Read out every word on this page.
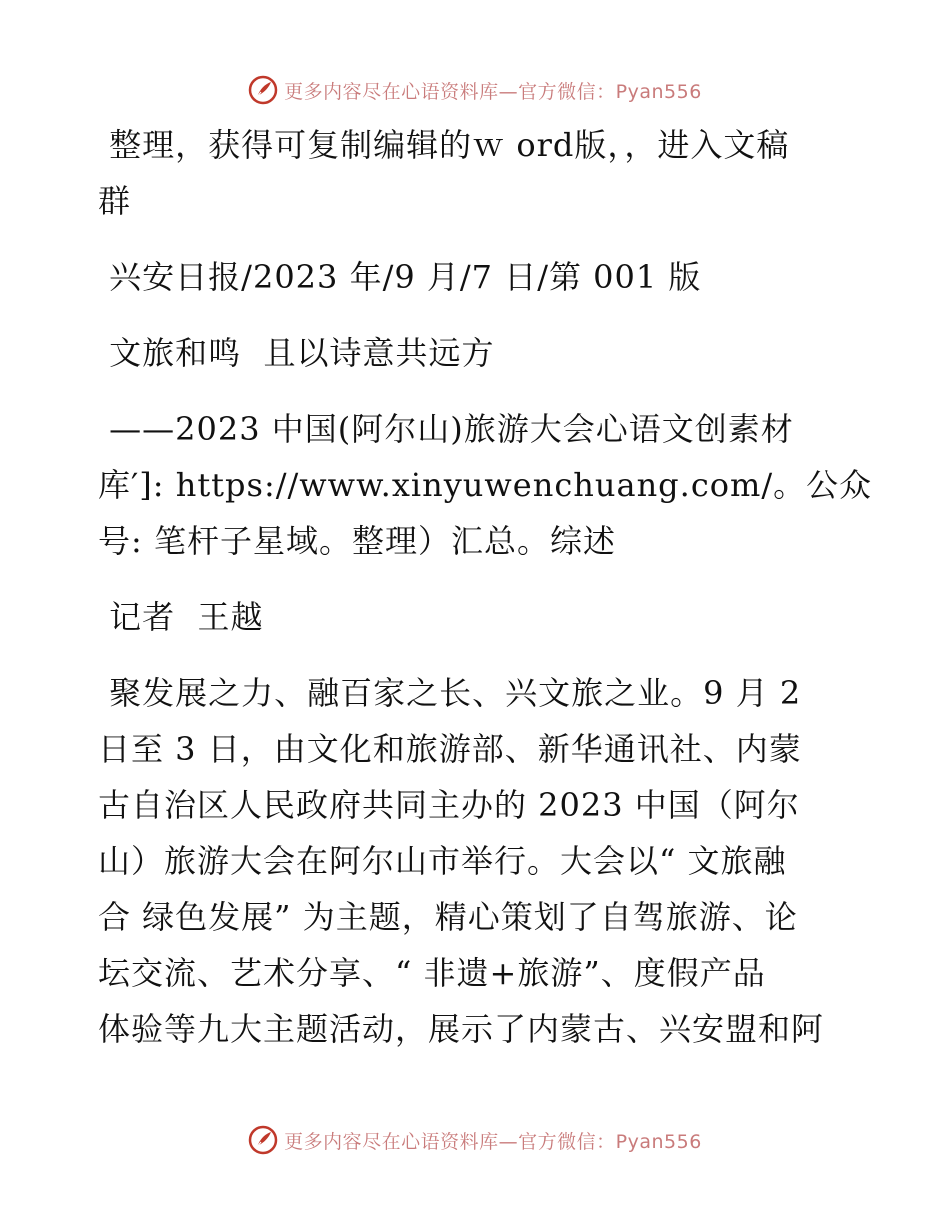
更多内容尽在心语资料库—官方微信：Pyan556
整理，获得可复制编辑的ｗ ord版，，进入文稿
群
兴安日报/2023 年/9 月/7 日/第 001 版
文旅和鸣  且以诗意共远方
——2023 中国(阿尔山)旅游大会心语文创素材
库′]: https://www.xinyuwenchuang.com/。公众
号: 笔杆子星域。整理）汇总。综述
记者  王越
聚发展之力、融百家之长、兴文旅之业。9 月 2
日至 3 日，由文化和旅游部、新华通讯社、内蒙
古自治区人民政府共同主办的 2023 中国（阿尔
山）旅游大会在阿尔山市举行。大会以“ 文旅融
合 绿色发展” 为主题，精心策划了自驾旅游、论
坛交流、艺术分享、“ 非遗+旅游”、度假产品
体验等九大主题活动，展示了内蒙古、兴安盟和阿
更多内容尽在心语资料库—官方微信：Pyan556
